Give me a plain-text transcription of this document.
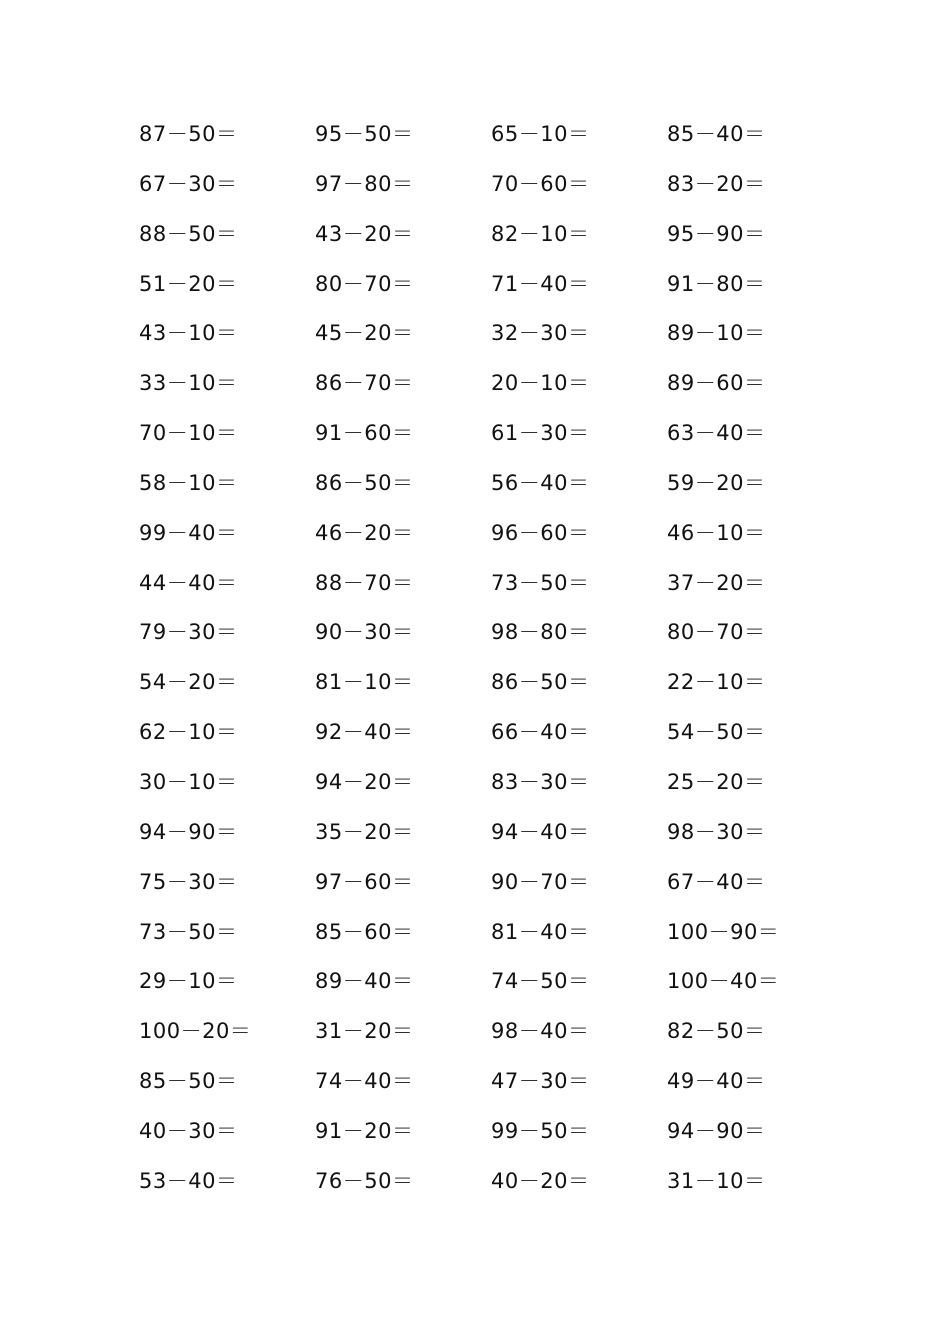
87－50＝	95－50＝	65－10＝	85－40＝
67－30＝	97－80＝	70－60＝	83－20＝
88－50＝	43－20＝	82－10＝	95－90＝
51－20＝	80－70＝	71－40＝	91－80＝
43－10＝	45－20＝	32－30＝	89－10＝
33－10＝	86－70＝	20－10＝	89－60＝
70－10＝	91－60＝	61－30＝	63－40＝
58－10＝	86－50＝	56－40＝	59－20＝
99－40＝	46－20＝	96－60＝	46－10＝
44－40＝	88－70＝	73－50＝	37－20＝
79－30＝	90－30＝	98－80＝	80－70＝
54－20＝	81－10＝	86－50＝	22－10＝
62－10＝	92－40＝	66－40＝	54－50＝
30－10＝	94－20＝	83－30＝	25－20＝
94－90＝	35－20＝	94－40＝	98－30＝
75－30＝	97－60＝	90－70＝	67－40＝
73－50＝	85－60＝	81－40＝	100－90＝
29－10＝	89－40＝	74－50＝	100－40＝
100－20＝	31－20＝	98－40＝	82－50＝
85－50＝	74－40＝	47－30＝	49－40＝
40－30＝	91－20＝	99－50＝	94－90＝
53－40＝	76－50＝	40－20＝	31－10＝
